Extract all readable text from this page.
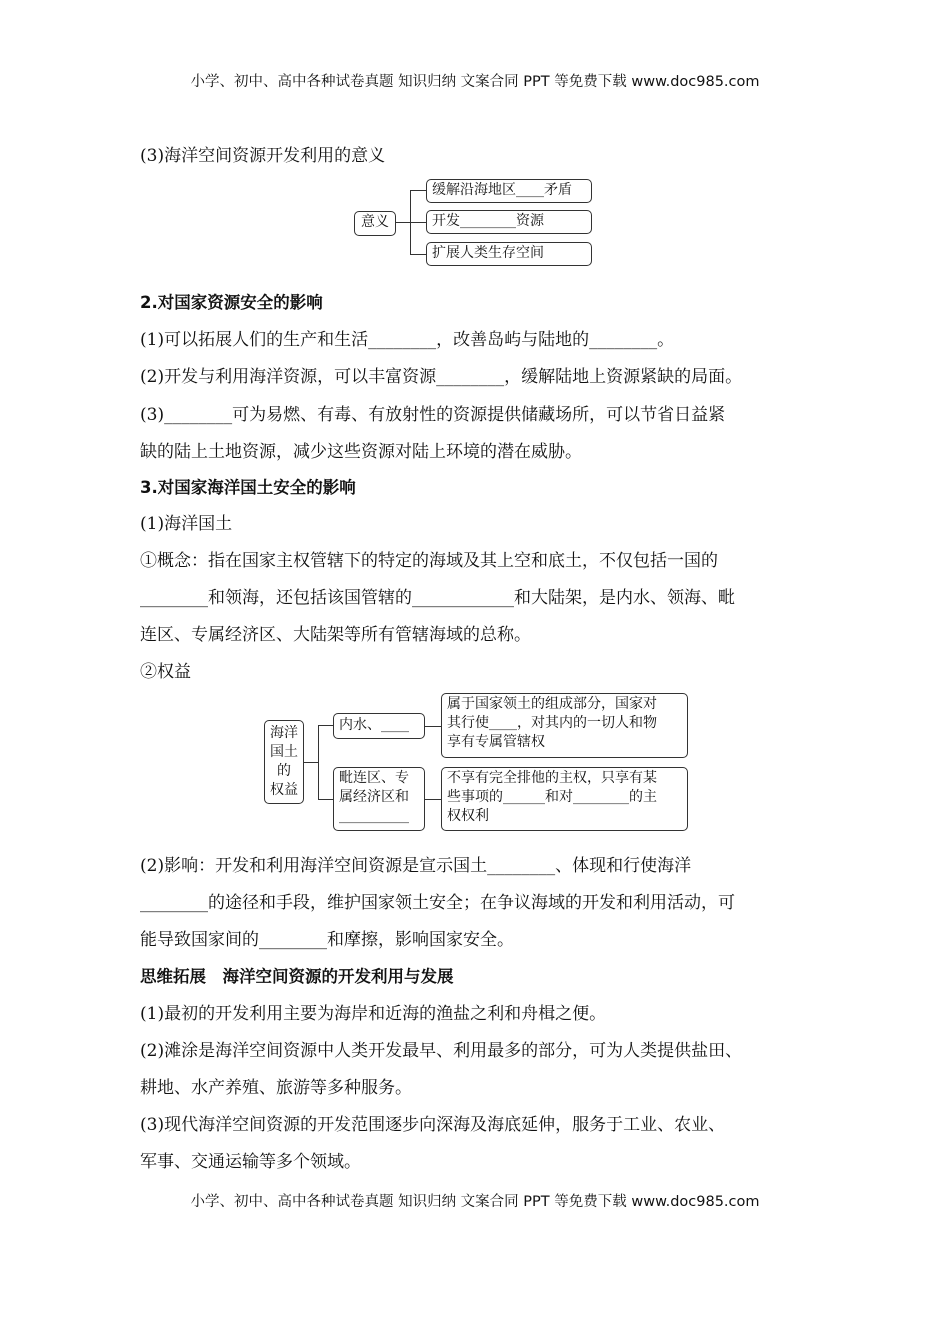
小学、初中、高中各种试卷真题 知识归纳 文案合同 PPT 等免费下载 www.doc985.com
(3)海洋空间资源开发利用的意义
意义
缓解沿海地区____矛盾
开发________资源
扩展人类生存空间
2.对国家资源安全的影响
(1)可以拓展人们的生产和生活________，改善岛屿与陆地的________。
(2)开发与利用海洋资源，可以丰富资源________，缓解陆地上资源紧缺的局面。
(3)________可为易燃、有毒、有放射性的资源提供储藏场所，可以节省日益紧
缺的陆上土地资源，减少这些资源对陆上环境的潜在威胁。
3.对国家海洋国土安全的影响
(1)海洋国土
①概念：指在国家主权管辖下的特定的海域及其上空和底土，不仅包括一国的
________和领海，还包括该国管辖的____________和大陆架，是内水、领海、毗
连区、专属经济区、大陆架等所有管辖海域的总称。
②权益
海洋
国土
的
权益
内水、____
毗连区、专
属经济区和
__________
属于国家领土的组成部分，国家对
其行使____，对其内的一切人和物
享有专属管辖权
不享有完全排他的主权，只享有某
些事项的______和对________的主
权权利
(2)影响：开发和利用海洋空间资源是宣示国土________、体现和行使海洋
________的途径和手段，维护国家领土安全；在争议海域的开发和利用活动，可
能导致国家间的________和摩擦，影响国家安全。
思维拓展　海洋空间资源的开发利用与发展
(1)最初的开发利用主要为海岸和近海的渔盐之利和舟楫之便。
(2)滩涂是海洋空间资源中人类开发最早、利用最多的部分，可为人类提供盐田、
耕地、水产养殖、旅游等多种服务。
(3)现代海洋空间资源的开发范围逐步向深海及海底延伸，服务于工业、农业、
军事、交通运输等多个领域。
小学、初中、高中各种试卷真题 知识归纳 文案合同 PPT 等免费下载 www.doc985.com
